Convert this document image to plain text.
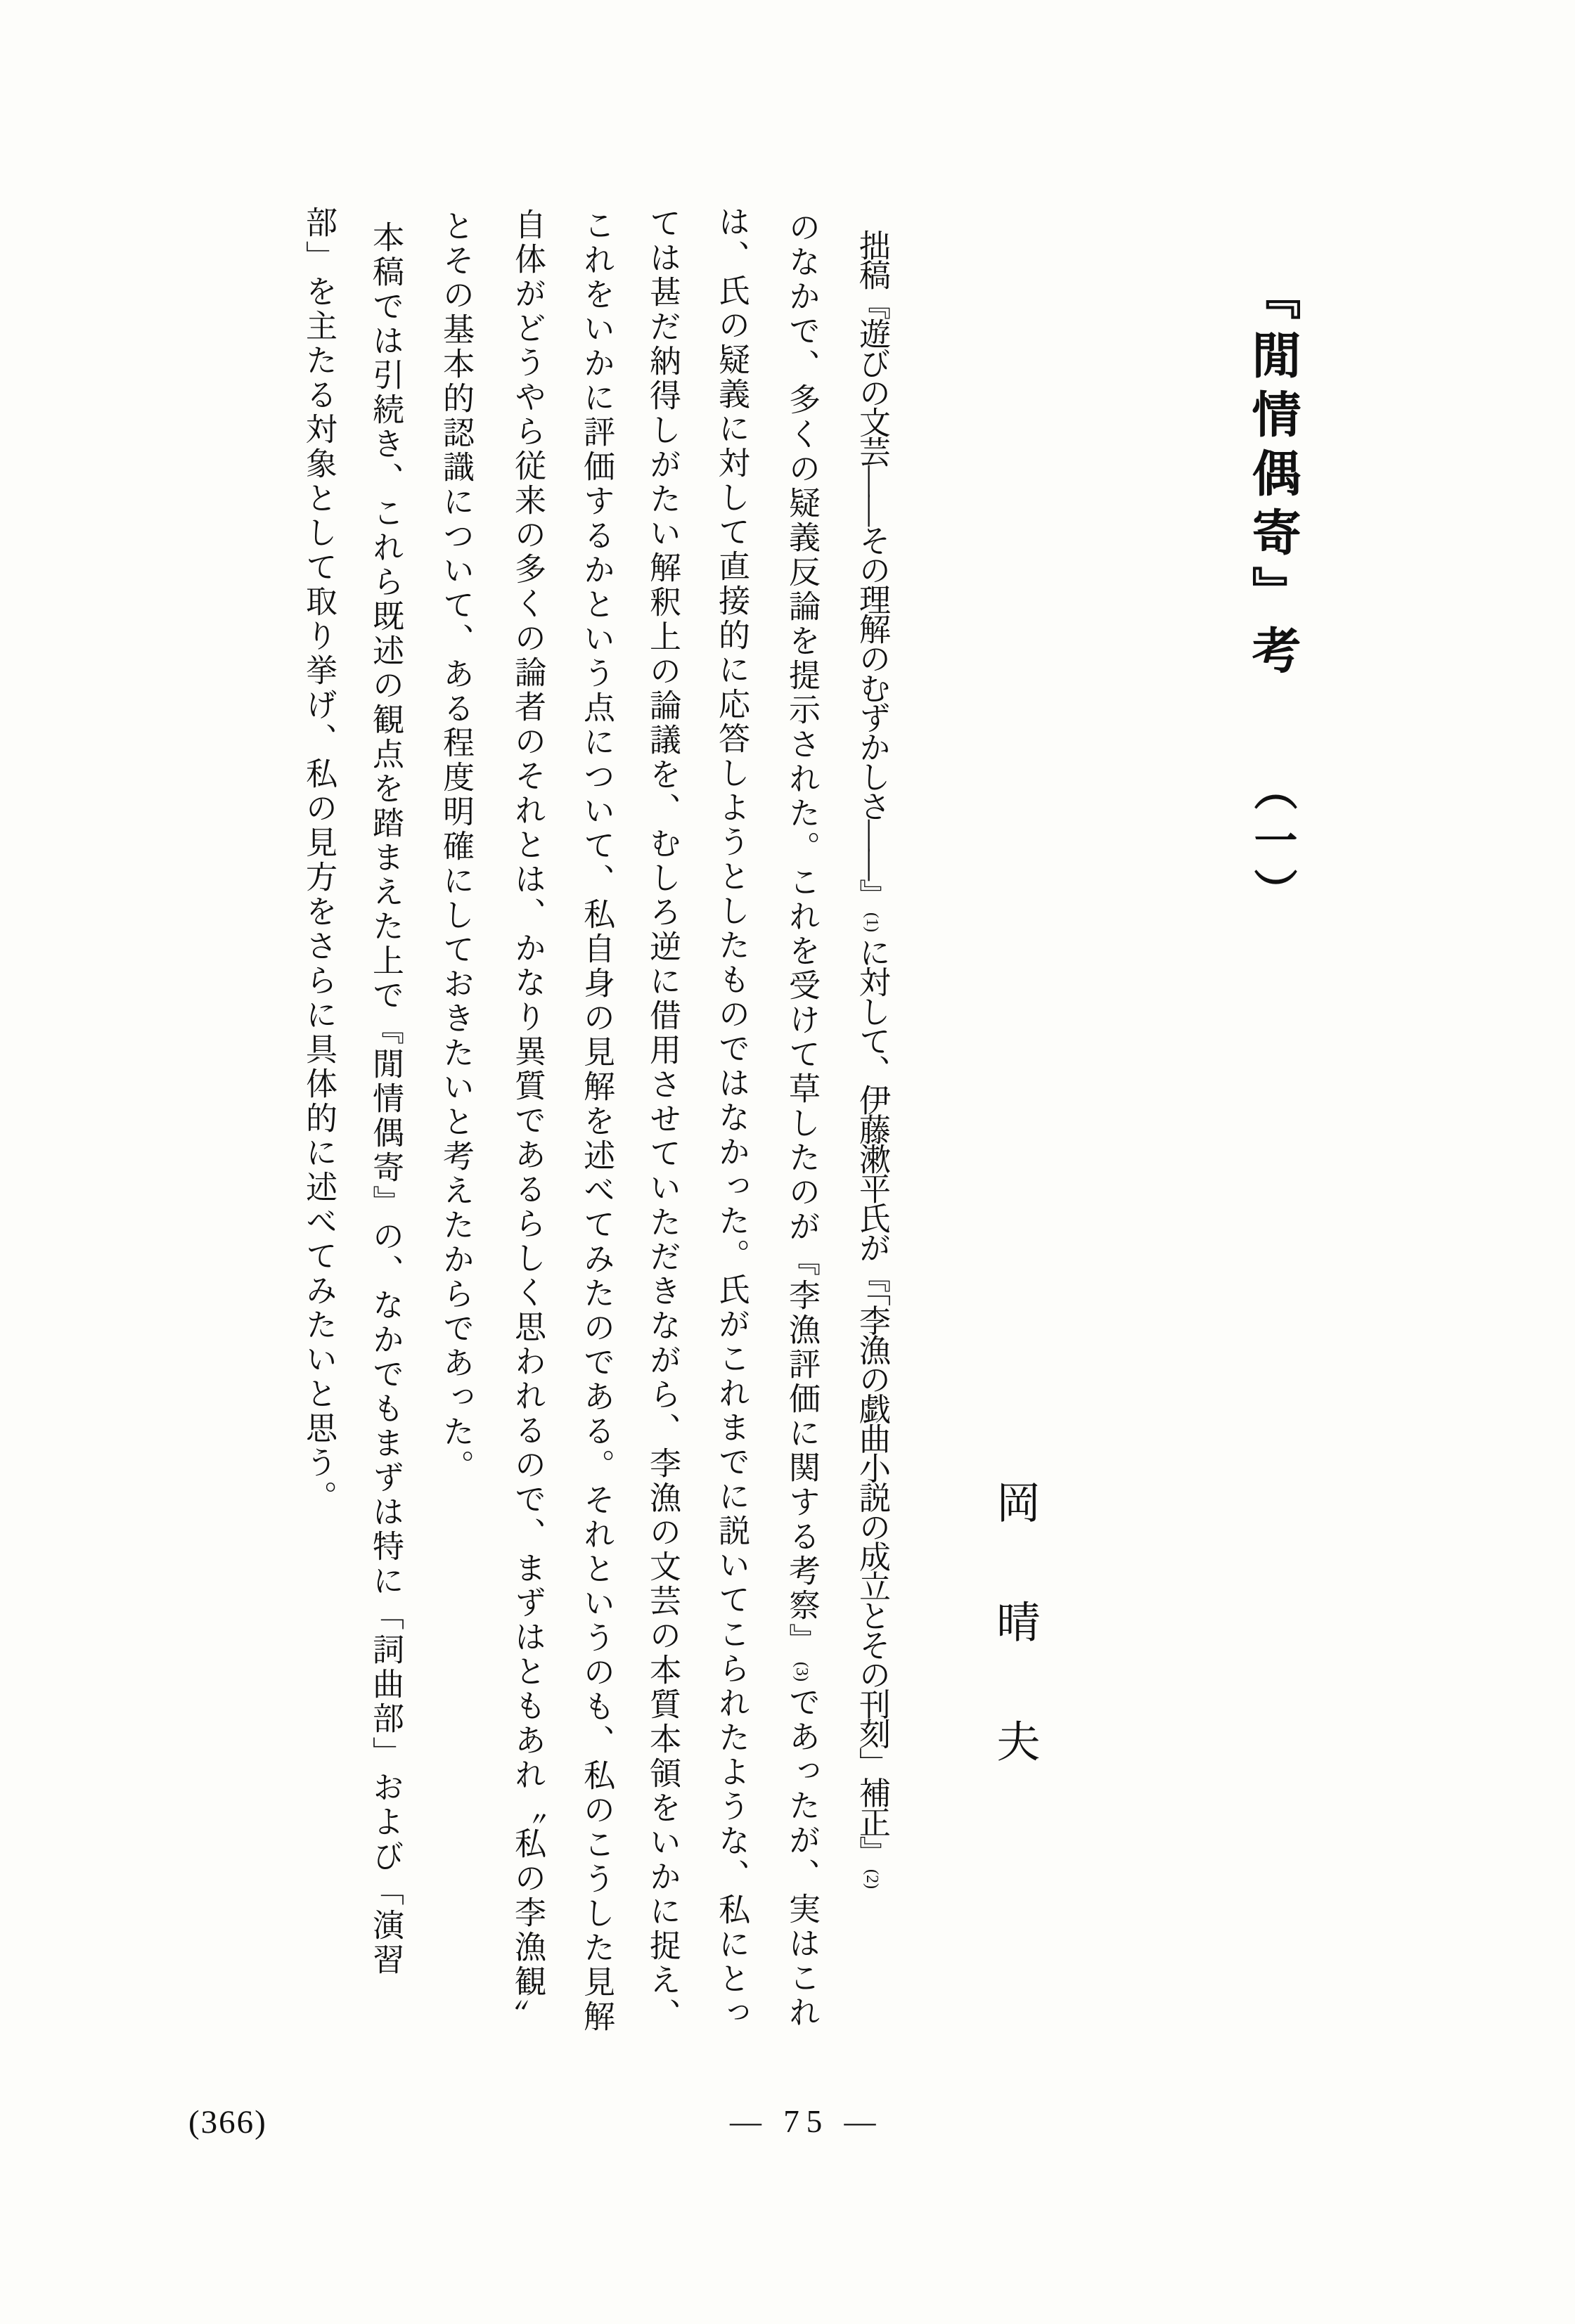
『閒情偶寄』考（一）
岡晴夫
拙稿『遊びの文芸——その理解のむずかしさ——』(1)に対して、伊藤漱平氏が『「李漁の戯曲小説の成立とその刊刻」補正』(2)
のなかで、多くの疑義反論を提示された。これを受けて草したのが『李漁評価に関する考察』(3)であったが、実はこれ
は、氏の疑義に対して直接的に応答しようとしたものではなかった。氏がこれまでに説いてこられたような、私にとっ
ては甚だ納得しがたい解釈上の論議を、むしろ逆に借用させていただきながら、李漁の文芸の本質本領をいかに捉え、
これをいかに評価するかという点について、私自身の見解を述べてみたのである。それというのも、私のこうした見解
自体がどうやら従来の多くの論者のそれとは、かなり異質であるらしく思われるので、まずはともあれ〝私の李漁観〟
とその基本的認識について、ある程度明確にしておきたいと考えたからであった。
本稿では引続き、これら既述の観点を踏まえた上で『閒情偶寄』の、なかでもまずは特に「詞曲部」および「演習
部」を主たる対象として取り挙げ、私の見方をさらに具体的に述べてみたいと思う。
(366)	— 75 —
